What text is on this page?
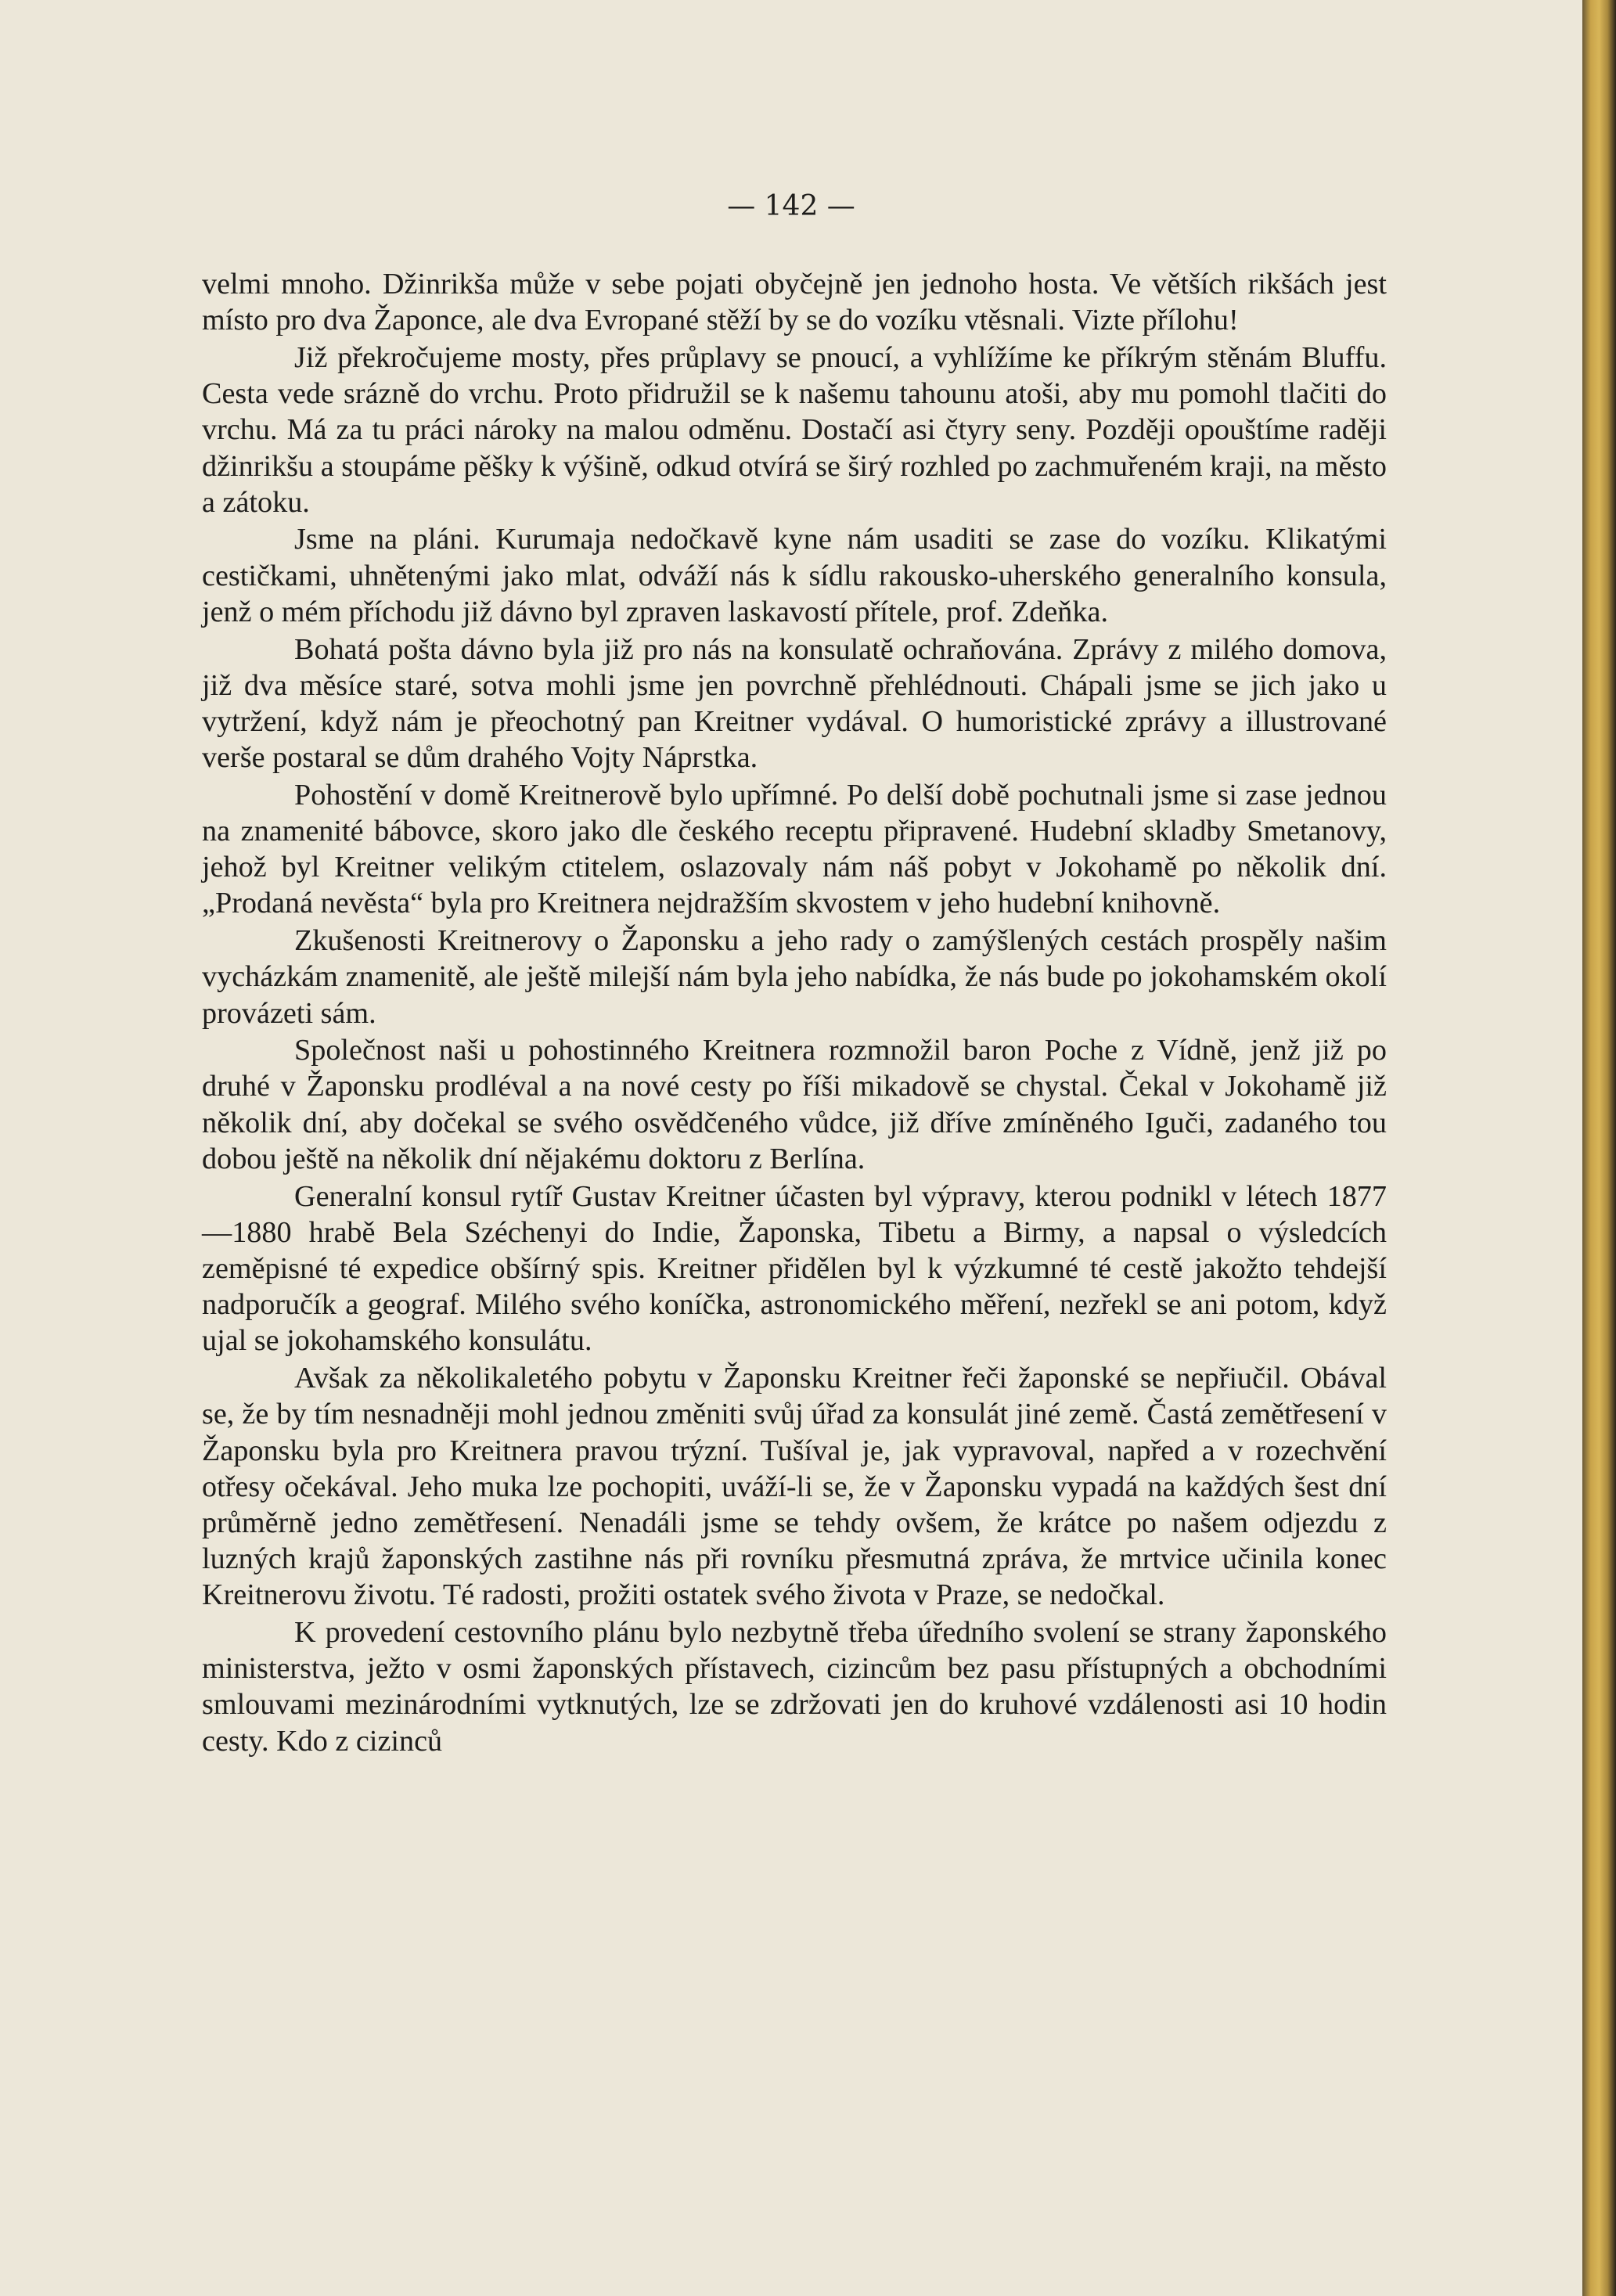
— 142 —

velmi mnoho. Džinrikša může v sebe pojati obyčejně jen jednoho hosta. Ve větších rikšách jest místo pro dva Žaponce, ale dva Evropané stěží by se do vozíku vtěsnali. Vizte přílohu!

Již překročujeme mosty, přes průplavy se pnoucí, a vyhlížíme ke příkrým stěnám Bluffu. Cesta vede srázně do vrchu. Proto přidružil se k našemu tahounu atoši, aby mu pomohl tlačiti do vrchu. Má za tu práci nároky na malou odměnu. Dostačí asi čtyry seny. Později opouštíme raději džinrikšu a stoupáme pěšky k výšině, odkud otvírá se širý rozhled po zachmuřeném kraji, na město a zátoku.

Jsme na pláni. Kurumaja nedočkavě kyne nám usaditi se zase do vozíku. Klikatými cestičkami, uhnětenými jako mlat, odváží nás k sídlu rakousko-uherského generalního konsula, jenž o mém příchodu již dávno byl zpraven laskavostí přítele, prof. Zdeňka.

Bohatá pošta dávno byla již pro nás na konsulatě ochraňována. Zprávy z milého domova, již dva měsíce staré, sotva mohli jsme jen povrchně přehlédnouti. Chápali jsme se jich jako u vytržení, když nám je přeochotný pan Kreitner vydával. O humoristické zprávy a illustrované verše postaral se dům drahého Vojty Náprstka.

Pohostění v domě Kreitnerově bylo upřímné. Po delší době pochutnali jsme si zase jednou na znamenité bábovce, skoro jako dle českého receptu připravené. Hudební skladby Smetanovy, jehož byl Kreitner velikým ctitelem, oslazovaly nám náš pobyt v Jokohamě po několik dní. „Prodaná nevěsta“ byla pro Kreitnera nejdražším skvostem v jeho hudební knihovně.

Zkušenosti Kreitnerovy o Žaponsku a jeho rady o zamýšlených cestách prospěly našim vycházkám znamenitě, ale ještě milejší nám byla jeho nabídka, že nás bude po jokohamském okolí provázeti sám.

Společnost naši u pohostinného Kreitnera rozmnožil baron Poche z Vídně, jenž již po druhé v Žaponsku prodléval a na nové cesty po říši mikadově se chystal. Čekal v Jokohamě již několik dní, aby dočekal se svého osvědčeného vůdce, již dříve zmíněného Iguči, zadaného tou dobou ještě na několik dní nějakému doktoru z Berlína.

Generalní konsul rytíř Gustav Kreitner účasten byl výpravy, kterou podnikl v létech 1877—1880 hrabě Bela Széchenyi do Indie, Žaponska, Tibetu a Birmy, a napsal o výsledcích zeměpisné té expedice obšírný spis. Kreitner přidělen byl k výzkumné té cestě jakožto tehdejší nadporučík a geograf. Milého svého koníčka, astronomického měření, nezřekl se ani potom, když ujal se jokohamského konsulátu.

Avšak za několikaletého pobytu v Žaponsku Kreitner řeči žaponské se nepřiučil. Obával se, že by tím nesnadněji mohl jednou změniti svůj úřad za konsulát jiné země. Častá zemětřesení v Žaponsku byla pro Kreitnera pravou trýzní. Tušíval je, jak vypravoval, napřed a v rozechvění otřesy očekával. Jeho muka lze pochopiti, uváží-li se, že v Žaponsku vypadá na každých šest dní průměrně jedno zemětřesení. Nenadáli jsme se tehdy ovšem, že krátce po našem odjezdu z luzných krajů žaponských zastihne nás při rovníku přesmutná zpráva, že mrtvice učinila konec Kreitnerovu životu. Té radosti, prožiti ostatek svého života v Praze, se nedočkal.

K provedení cestovního plánu bylo nezbytně třeba úředního svolení se strany žaponského ministerstva, ježto v osmi žaponských přístavech, cizincům bez pasu přístupných a obchodními smlouvami mezinárodními vytknutých, lze se zdržovati jen do kruhové vzdálenosti asi 10 hodin cesty. Kdo z cizinců
